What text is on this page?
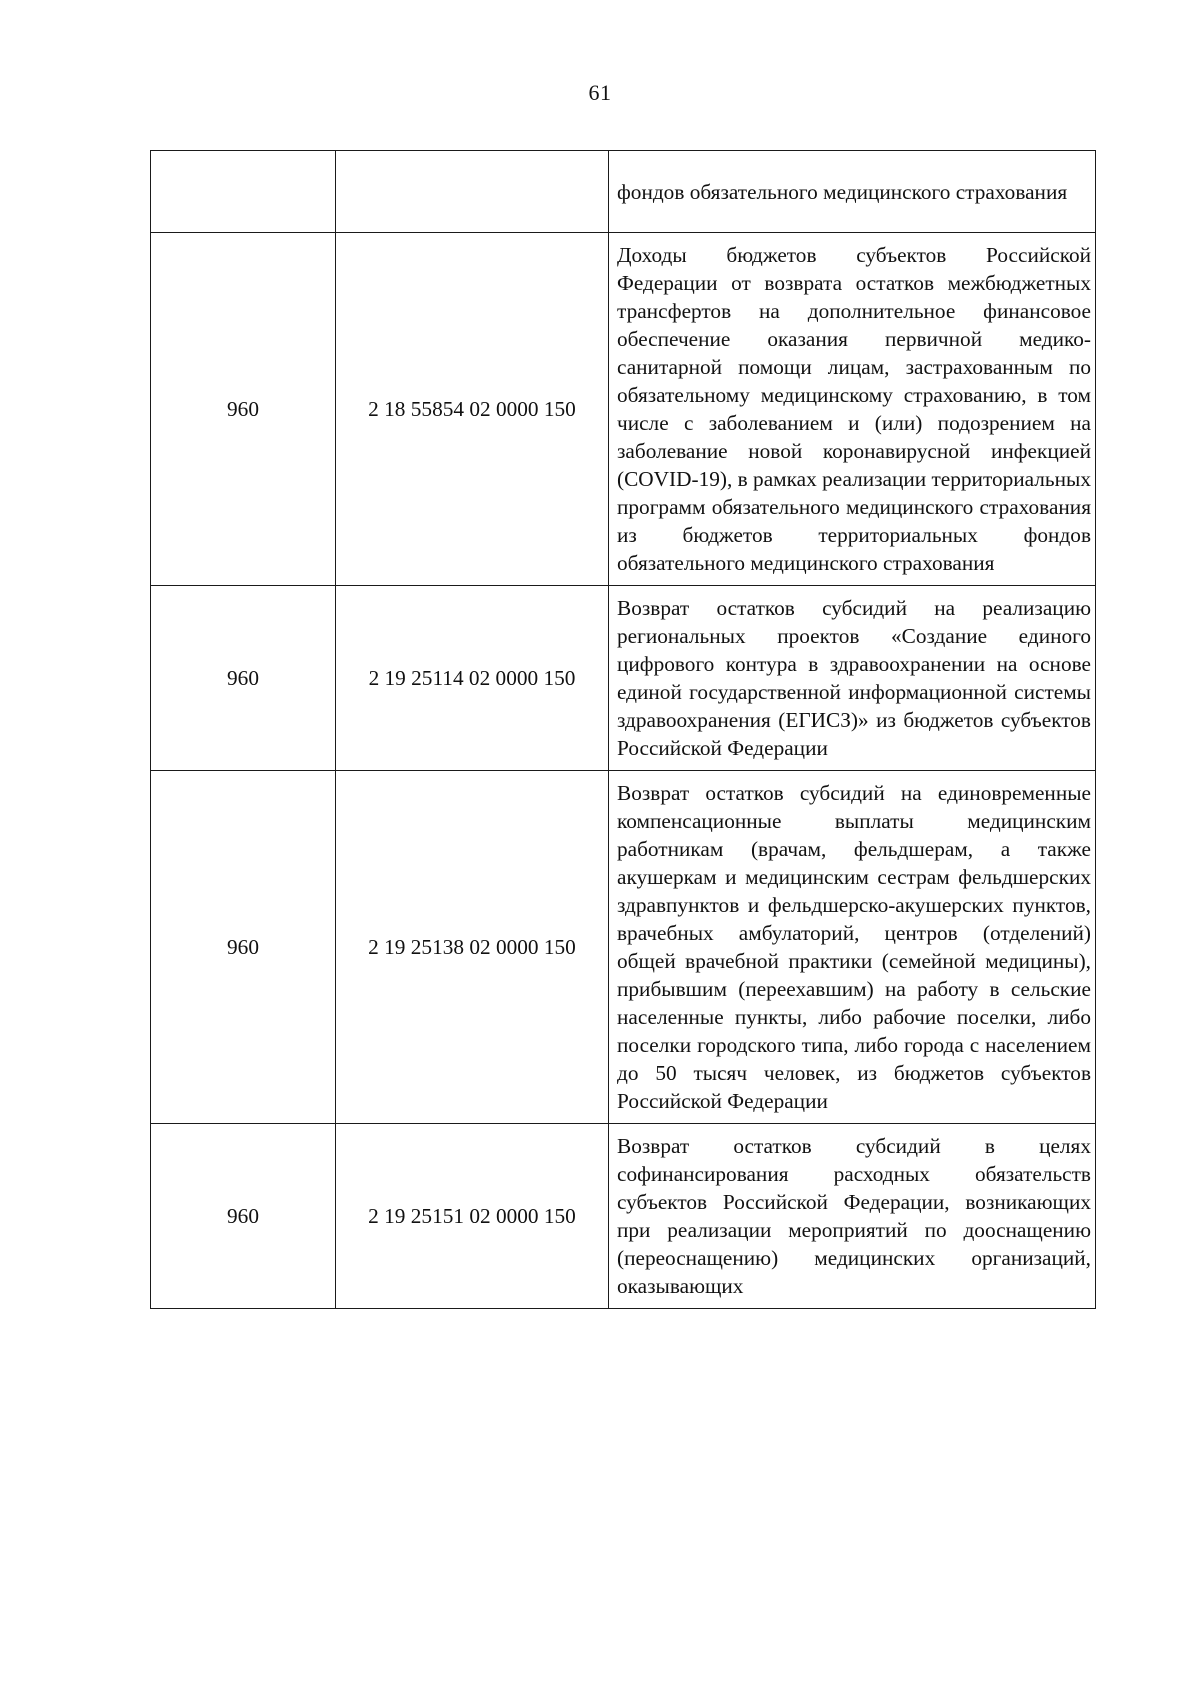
61

		фондов обязательного медицинского страхования

960	2 18 55854 02 0000 150	Доходы бюджетов субъектов Российской Федерации от возврата остатков межбюджетных трансфертов на дополнительное финансовое обеспечение оказания первичной медико-санитарной помощи лицам, застрахованным по обязательному медицинскому страхованию, в том числе с заболеванием и (или) подозрением на заболевание новой коронавирусной инфекцией (COVID-19), в рамках реализации территориальных программ обязательного медицинского страхования из бюджетов территориальных фондов обязательного медицинского страхования

960	2 19 25114 02 0000 150	Возврат остатков субсидий на реализацию региональных проектов «Создание единого цифрового контура в здравоохранении на основе единой государственной информационной системы здравоохранения (ЕГИСЗ)» из бюджетов субъектов Российской Федерации

960	2 19 25138 02 0000 150	Возврат остатков субсидий на единовременные компенсационные выплаты медицинским работникам (врачам, фельдшерам, а также акушеркам и медицинским сестрам фельдшерских здравпунктов и фельдшерско-акушерских пунктов, врачебных амбулаторий, центров (отделений) общей врачебной практики (семейной медицины), прибывшим (переехавшим) на работу в сельские населенные пункты, либо рабочие поселки, либо поселки городского типа, либо города с населением до 50 тысяч человек, из бюджетов субъектов Российской Федерации

960	2 19 25151 02 0000 150	Возврат остатков субсидий в целях софинансирования расходных обязательств субъектов Российской Федерации, возникающих при реализации мероприятий по дооснащению (переоснащению) медицинских организаций, оказывающих
